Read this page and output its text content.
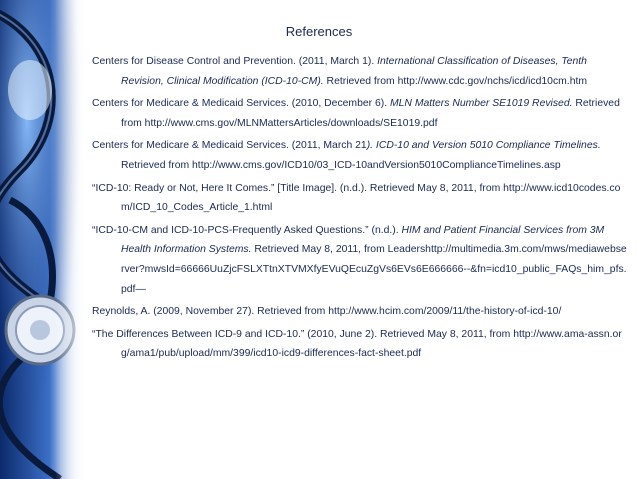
References
Centers for Disease Control and Prevention. (2011, March 1). International Classification of Diseases, Tenth Revision, Clinical Modification (ICD-10-CM). Retrieved from http://www.cdc.gov/nchs/icd/icd10cm.htm
Centers for Medicare & Medicaid Services. (2010, December 6). MLN Matters Number SE1019 Revised. Retrieved from http://www.cms.gov/MLNMattersArticles/downloads/SE1019.pdf
Centers for Medicare & Medicaid Services. (2011, March 21). ICD-10 and Version 5010 Compliance Timelines. Retrieved from http://www.cms.gov/ICD10/03_ICD-10andVersion5010ComplianceTimelines.asp
“ICD-10: Ready or Not, Here It Comes.” [Title Image]. (n.d.). Retrieved May 8, 2011, from http://www.icd10codes.com/ICD_10_Codes_Article_1.html
“ICD-10-CM and ICD-10-PCS-Frequently Asked Questions.” (n.d.). HIM and Patient Financial Services from 3M Health Information Systems. Retrieved May 8, 2011, from Leadershttp://multimedia.3m.com/mws/mediawebserver?mwsId=66666UuZjcFSLXTtnXTVMXfyEVuQEcuZgVs6EVs6E666666--&fn=icd10_public_FAQs_him_pfs.pdf—
Reynolds, A. (2009, November 27). Retrieved from http://www.hcim.com/2009/11/the-history-of-icd-10/
“The Differences Between ICD-9 and ICD-10.” (2010, June 2). Retrieved May 8, 2011, from http://www.ama-assn.org/ama1/pub/upload/mm/399/icd10-icd9-differences-fact-sheet.pdf
